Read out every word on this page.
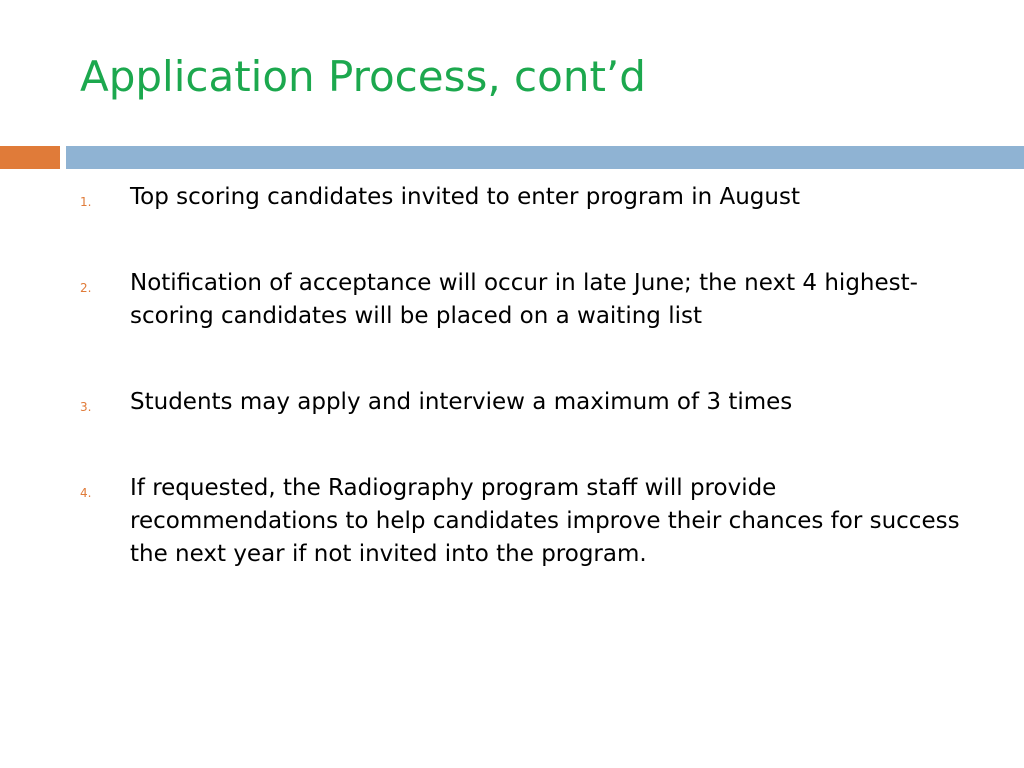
Application Process, cont’d
1. Top scoring candidates invited to enter program in August
2. Notification of acceptance will occur in late June; the next 4 highest-scoring candidates will be placed on a waiting list
3. Students may apply and interview a maximum of 3 times
4. If requested, the Radiography program staff will provide recommendations to help candidates improve their chances for success the next year if not invited into the program.
